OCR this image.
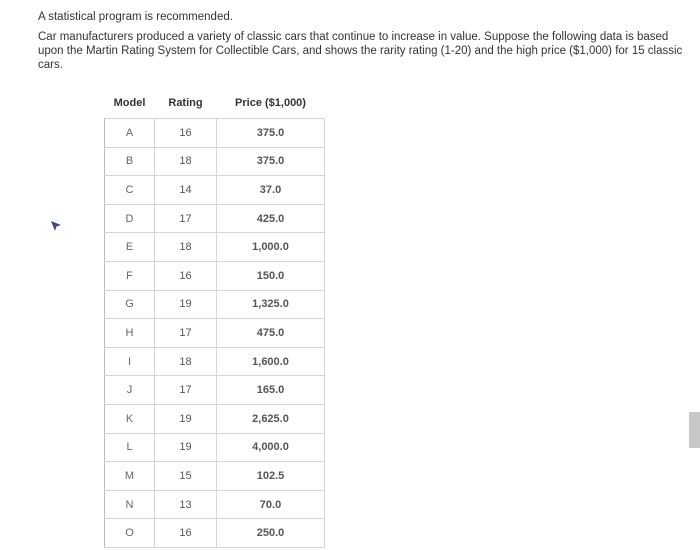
A statistical program is recommended.
Car manufacturers produced a variety of classic cars that continue to increase in value. Suppose the following data is based upon the Martin Rating System for Collectible Cars, and shows the rarity rating (1-20) and the high price ($1,000) for 15 classic cars.
Model	Rating	Price ($1,000)
A	16	375.0
B	18	375.0
C	14	37.0
D	17	425.0
E	18	1,000.0
F	16	150.0
G	19	1,325.0
H	17	475.0
I	18	1,600.0
J	17	165.0
K	19	2,625.0
L	19	4,000.0
M	15	102.5
N	13	70.0
O	16	250.0
